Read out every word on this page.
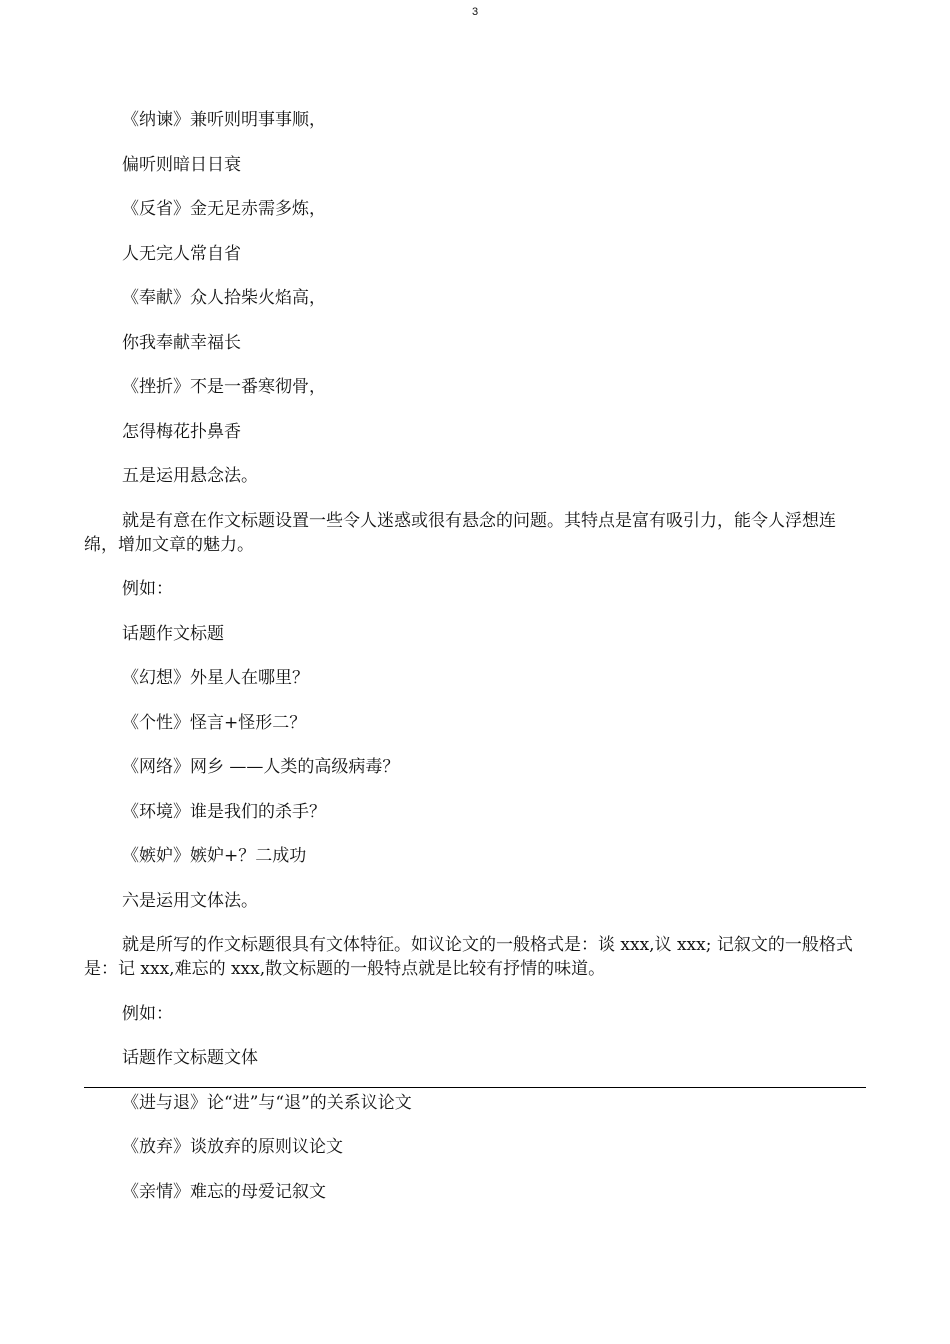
3

《纳谏》兼听则明事事顺，

偏听则暗日日衰

《反省》金无足赤需多炼，

人无完人常自省

《奉献》众人拾柴火焰高，

你我奉献幸福长

《挫折》不是一番寒彻骨，

怎得梅花扑鼻香

五是运用悬念法。

就是有意在作文标题设置一些令人迷惑或很有悬念的问题。其特点是富有吸引力，能令人浮想连绵，增加文章的魅力。

例如：

话题作文标题

《幻想》外星人在哪里？

《个性》怪言+怪形二？

《网络》网乡 ——人类的高级病毒？

《环境》谁是我们的杀手？

《嫉妒》嫉妒+？二成功

六是运用文体法。

就是所写的作文标题很具有文体特征。如议论文的一般格式是：谈 xxx,议 xxx; 记叙文的一般格式是：记 xxx,难忘的 xxx,散文标题的一般特点就是比较有抒情的味道。

例如：

话题作文标题文体

《进与退》论“进”与“退”的关系议论文

《放弃》谈放弃的原则议论文

《亲情》难忘的母爱记叙文
